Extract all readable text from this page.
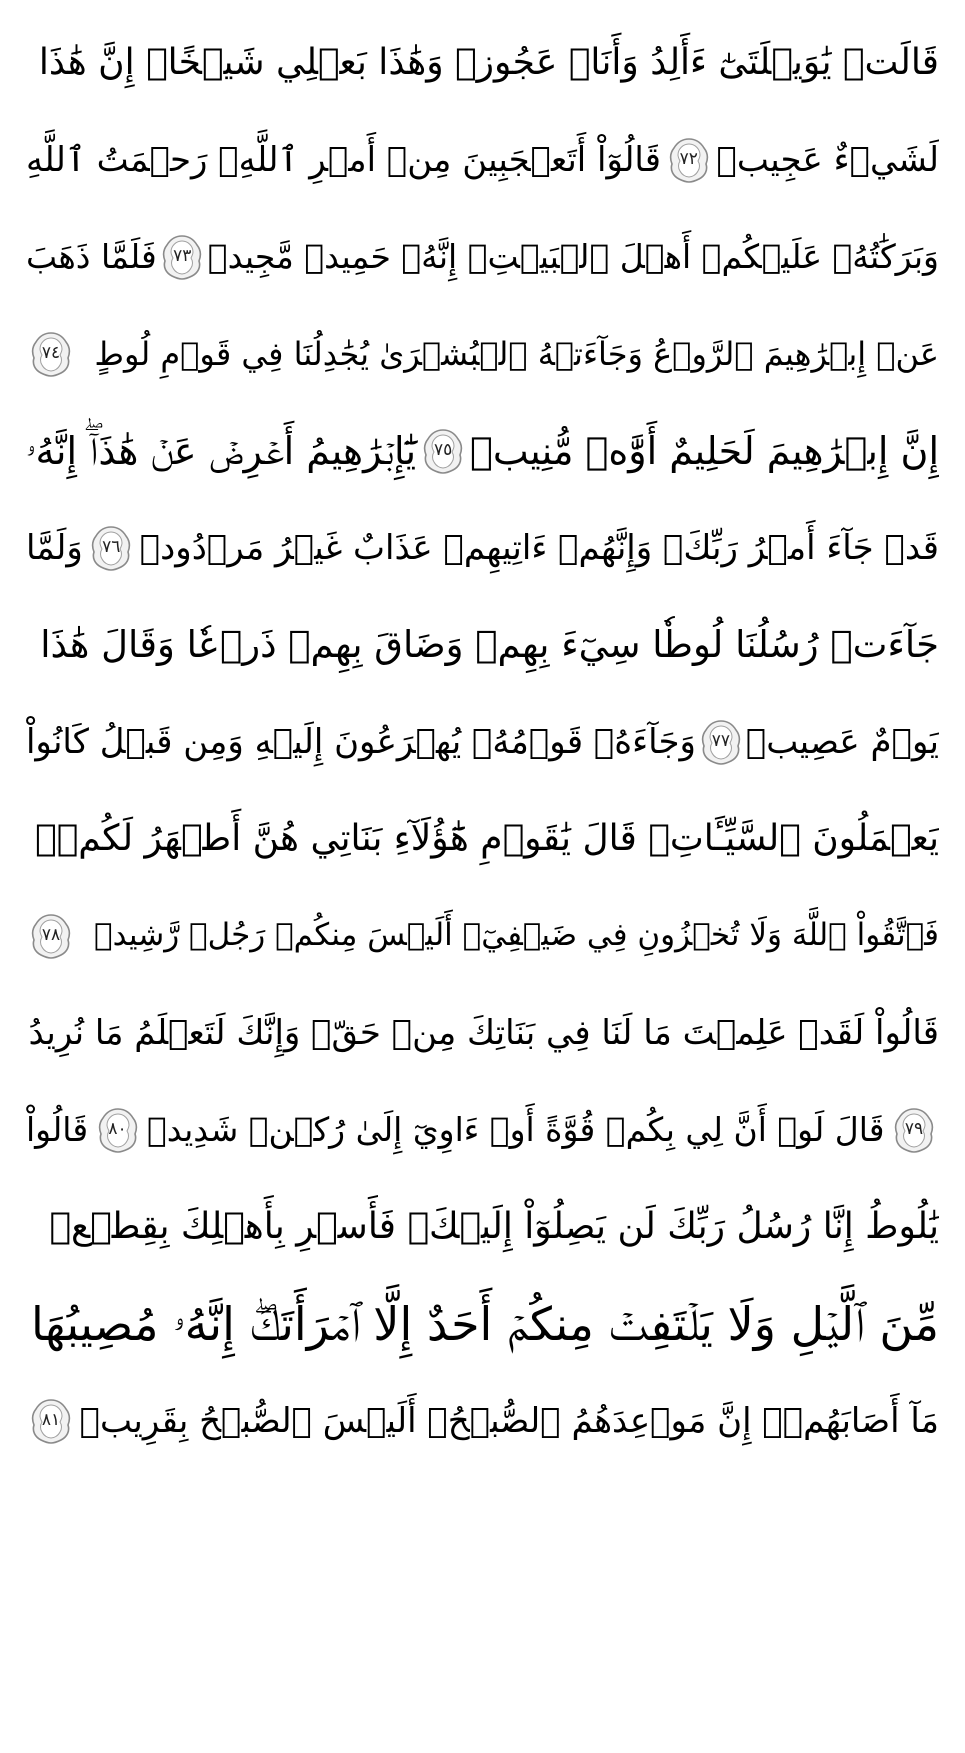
قَالَتۡ يَٰوَيۡلَتَىٰٓ ءَأَلِدُ وَأَنَا۠ عَجُوزٞ وَهَٰذَا بَعۡلِي شَيۡخًاۖ إِنَّ هَٰذَا
لَشَيۡءٌ عَجِيبٞ
٧٢
قَالُوٓاْ أَتَعۡجَبِينَ مِنۡ أَمۡرِ ٱللَّهِۖ رَحۡمَتُ ٱللَّهِ
وَبَرَكَٰتُهُۥ عَلَيۡكُمۡ أَهۡلَ ٱلۡبَيۡتِۚ إِنَّهُۥ حَمِيدٞ مَّجِيدٞ
٧٣
فَلَمَّا ذَهَبَ
عَنۡ إِبۡرَٰهِيمَ ٱلرَّوۡعُ وَجَآءَتۡهُ ٱلۡبُشۡرَىٰ يُجَٰدِلُنَا فِي قَوۡمِ لُوطٍ
٧٤
إِنَّ إِبۡرَٰهِيمَ لَحَلِيمٌ أَوَّٰهٞ مُّنِيبٞ
٧٥
يَٰٓإِبۡرَٰهِيمُ أَعۡرِضۡ عَنۡ هَٰذَآۖ إِنَّهُۥ
قَدۡ جَآءَ أَمۡرُ رَبِّكَۖ وَإِنَّهُمۡ ءَاتِيهِمۡ عَذَابٌ غَيۡرُ مَرۡدُودٖ
٧٦
وَلَمَّا
جَآءَتۡ رُسُلُنَا لُوطٗا سِيٓءَ بِهِمۡ وَضَاقَ بِهِمۡ ذَرۡعٗا وَقَالَ هَٰذَا
يَوۡمٌ عَصِيبٞ
٧٧
وَجَآءَهُۥ قَوۡمُهُۥ يُهۡرَعُونَ إِلَيۡهِ وَمِن قَبۡلُ كَانُواْ
يَعۡمَلُونَ ٱلسَّيِّـَٔاتِۚ قَالَ يَٰقَوۡمِ هَٰٓؤُلَآءِ بَنَاتِي هُنَّ أَطۡهَرُ لَكُمۡۖ
فَٱتَّقُواْ ٱللَّهَ وَلَا تُخۡزُونِ فِي ضَيۡفِيٓۖ أَلَيۡسَ مِنكُمۡ رَجُلٞ رَّشِيدٞ
٧٨
قَالُواْ لَقَدۡ عَلِمۡتَ مَا لَنَا فِي بَنَاتِكَ مِنۡ حَقّٖ وَإِنَّكَ لَتَعۡلَمُ مَا نُرِيدُ
٧٩
قَالَ لَوۡ أَنَّ لِي بِكُمۡ قُوَّةً أَوۡ ءَاوِيٓ إِلَىٰ رُكۡنٖ شَدِيدٖ
٨٠
قَالُواْ
يَٰلُوطُ إِنَّا رُسُلُ رَبِّكَ لَن يَصِلُوٓاْ إِلَيۡكَۖ فَأَسۡرِ بِأَهۡلِكَ بِقِطۡعٖ
مِّنَ ٱلَّيۡلِ وَلَا يَلۡتَفِتۡ مِنكُمۡ أَحَدٌ إِلَّا ٱمۡرَأَتَكَۖ إِنَّهُۥ مُصِيبُهَا
مَآ أَصَابَهُمۡۚ إِنَّ مَوۡعِدَهُمُ ٱلصُّبۡحُۚ أَلَيۡسَ ٱلصُّبۡحُ بِقَرِيبٖ
٨١
